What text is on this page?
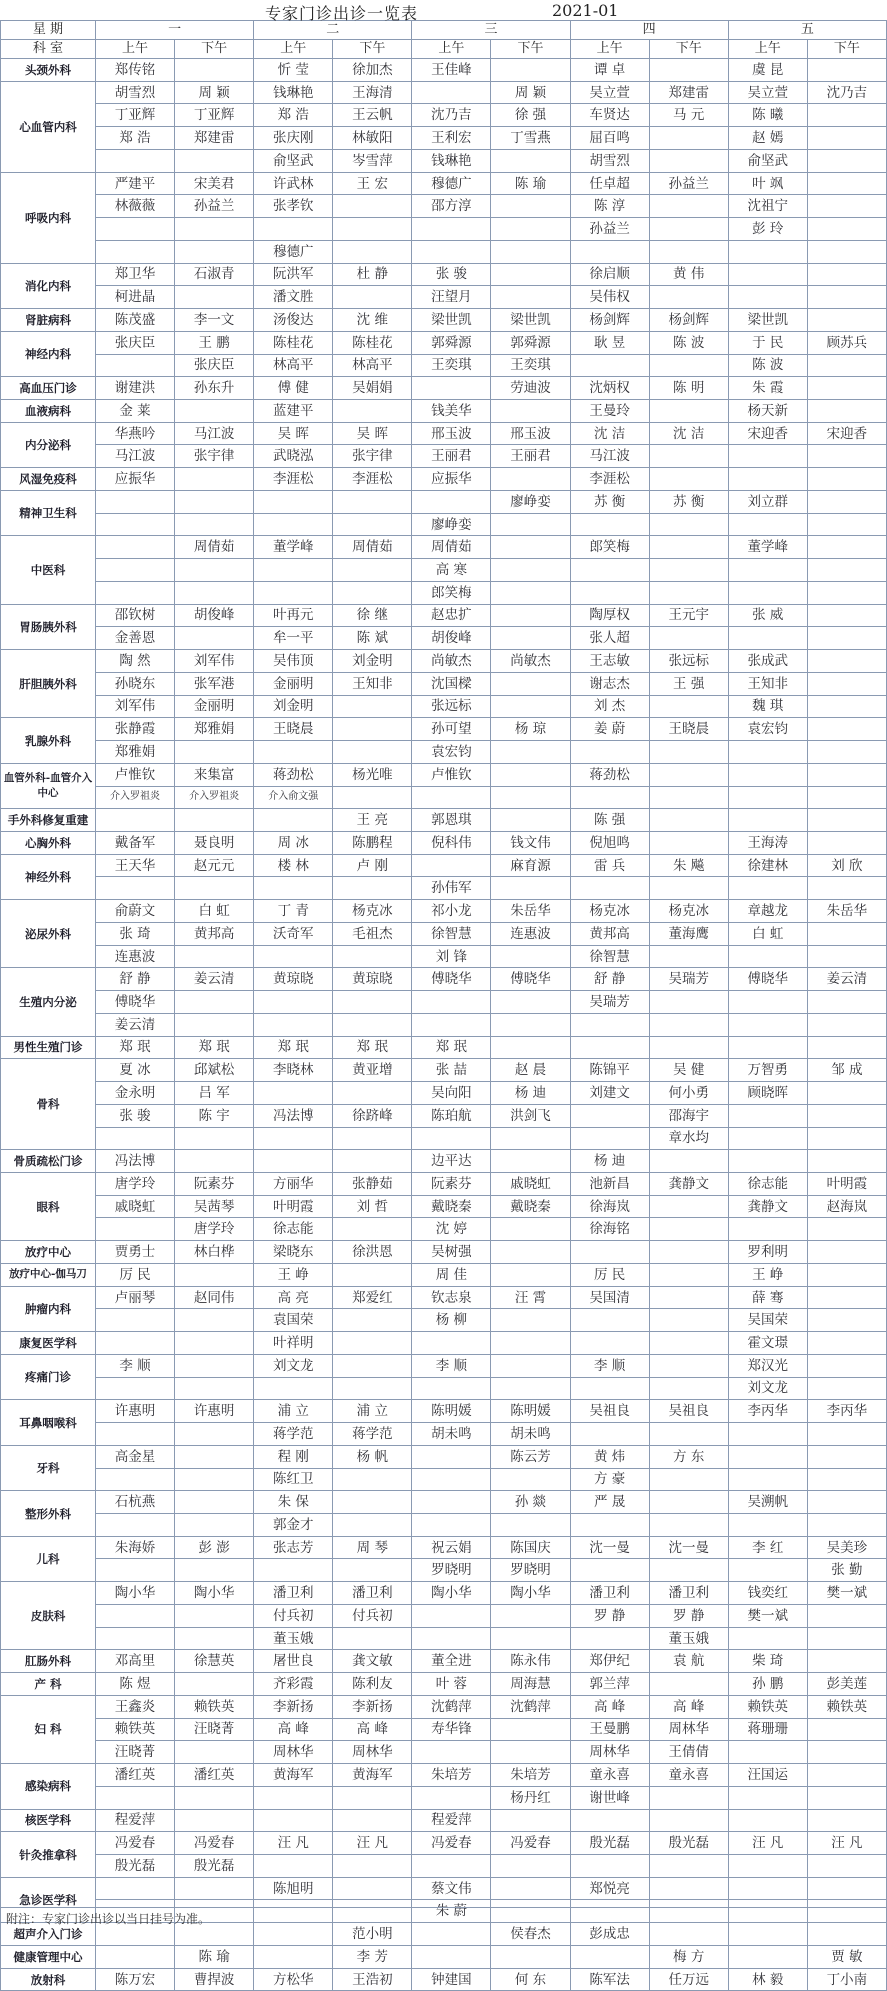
专家门诊出诊一览表	2021-01
星 期	一		二		三		四		五	
科 室	上午	下午	上午	下午	上午	下午	上午	下午	上午	下午
头颈外科	郑传铭		忻 莹	徐加杰	王佳峰		谭 卓		虞 昆	
心血管内科	胡雪烈	周 颖	钱琳艳	王海清		周 颖	吴立萱	郑建雷	吴立萱	沈乃吉
	丁亚辉	丁亚辉	郑 浩	王云帆	沈乃吉	徐 强	车贤达	马 元	陈 曦	
	郑 浩	郑建雷	张庆刚	林敏阳	王利宏	丁雪燕	屈百鸣		赵 嫣	
			俞坚武	岑雪萍	钱琳艳		胡雪烈		俞坚武	
呼吸内科	严建平	宋美君	许武林	王 宏	穆德广	陈 瑜	任卓超	孙益兰	叶 飒	
	林薇薇	孙益兰	张孝钦		邵方淳		陈 淳		沈祖宁	
							孙益兰		彭 玲	
			穆德广							
消化内科	郑卫华	石淑青	阮洪军	杜 静	张 骏		徐启顺	黄 伟		
	柯进晶		潘文胜		汪望月		吴伟权			
肾脏病科	陈茂盛	李一文	汤俊达	沈 维	梁世凯	梁世凯	杨剑辉	杨剑辉	梁世凯	
神经内科	张庆臣	王 鹏	陈桂花	陈桂花	郭舜源	郭舜源	耿 昱	陈 波	于 民	顾苏兵
		张庆臣	林高平	林高平	王奕琪	王奕琪			陈 波	
高血压门诊	谢建洪	孙东升	傅 健	吴娟娟		劳迪波	沈炳权	陈 明	朱 霞	
血液病科	金 莱		蓝建平		钱美华		王曼玲		杨天新	
内分泌科	华燕吟	马江波	吴 晖	吴 晖	邢玉波	邢玉波	沈 洁	沈 洁	宋迎香	宋迎香
	马江波	张宇律	武晓泓	张宇律	王丽君	王丽君	马江波			
风湿免疫科	应振华		李涯松	李涯松	应振华		李涯松			
精神卫生科						廖峥娈	苏 衡	苏 衡	刘立群	
					廖峥娈					
中医科		周倩茹	董学峰	周倩茹	周倩茹		郎笑梅		董学峰	
					高 寒					
					郎笑梅					
胃肠胰外科	邵钦树	胡俊峰	叶再元	徐 继	赵忠扩		陶厚权	王元宇	张 威	
	金善恩		牟一平	陈 斌	胡俊峰		张人超			
肝胆胰外科	陶 然	刘军伟	吴伟顶	刘金明	尚敏杰	尚敏杰	王志敏	张远标	张成武	
	孙晓东	张军港	金丽明	王知非	沈国樑		谢志杰	王 强	王知非	
	刘军伟	金丽明	刘金明		张远标		刘 杰		魏 琪	
乳腺外科	张静霞	郑雅娟	王晓晨		孙可望	杨 琼	姜 蔚	王晓晨	袁宏钧	
	郑雅娟				袁宏钧					
血管外科-血管介入中心	卢惟钦	来集富	蒋劲松	杨光唯	卢惟钦		蒋劲松			
	介入罗祖炎	介入罗祖炎	介入俞文强							
手外科修复重建				王 亮	郭恩琪		陈 强			
心胸外科	戴备军	聂良明	周 冰	陈鹏程	倪科伟	钱文伟	倪旭鸣		王海涛	
神经外科	王天华	赵元元	楼 林	卢 刚		麻育源	雷 兵	朱 飚	徐建林	刘 欣
					孙伟军					
泌尿外科	俞蔚文	白 虹	丁 青	杨克冰	祁小龙	朱岳华	杨克冰	杨克冰	章越龙	朱岳华
	张 琦	黄邦高	沃奇军	毛祖杰	徐智慧	连惠波	黄邦高	董海鹰	白 虹	
	连惠波				刘 锋		徐智慧			
生殖内分泌	舒 静	姜云清	黄琼晓	黄琼晓	傅晓华	傅晓华	舒 静	吴瑞芳	傅晓华	姜云清
	傅晓华						吴瑞芳			
	姜云清									
男性生殖门诊	郑 珉	郑 珉	郑 珉	郑 珉	郑 珉					
骨科	夏 冰	邱斌松	李晓林	黄亚增	张 喆	赵 晨	陈锦平	吴 健	万智勇	邹 成
	金永明	吕 军			吴向阳	杨 迪	刘建文	何小勇	顾晓晖	
	张 骏	陈 宇	冯法博	徐跻峰	陈珀航	洪剑飞		邵海宇		
								章水均		
骨质疏松门诊	冯法博				边平达		杨 迪			
眼科	唐学玲	阮素芬	方丽华	张静茹	阮素芬	戚晓虹	池新昌	龚静文	徐志能	叶明霞
	戚晓虹	吴茜琴	叶明霞	刘 哲	戴晓秦	戴晓秦	徐海岚		龚静文	赵海岚
		唐学玲	徐志能		沈 婷		徐海铭			
放疗中心	贾勇士	林白桦	梁晓东	徐洪恩	吴树强				罗利明	
放疗中心-伽马刀	厉 民		王 峥		周 佳		厉 民		王 峥	
肿瘤内科	卢丽琴	赵同伟	高 亮	郑爱红	钦志泉	汪 霄	吴国清		薛 骞	
			袁国荣		杨 柳				吴国荣	
康复医学科			叶祥明						霍文璟	
疼痛门诊	李 顺		刘文龙		李 顺		李 顺		郑汉光	
									刘文龙	
耳鼻咽喉科	许惠明	许惠明	浦 立	浦 立	陈明媛	陈明媛	吴祖良	吴祖良	李丙华	李丙华
			蒋学范	蒋学范	胡未鸣	胡未鸣				
牙科	高金星		程 刚	杨 帆		陈云芳	黄 炜	方 东		
			陈红卫				方 豪			
整形外科	石杭燕		朱 保			孙 燚	严 晟		吴溯帆	
			郭金才							
儿科	朱海娇	彭 澎	张志芳	周 琴	祝云娟	陈国庆	沈一曼	沈一曼	李 红	吴美珍
					罗晓明	罗晓明				张 勤
皮肤科	陶小华	陶小华	潘卫利	潘卫利	陶小华	陶小华	潘卫利	潘卫利	钱奕红	樊一斌
			付兵初	付兵初			罗 静	罗 静	樊一斌	
			董玉娥					董玉娥		
肛肠外科	邓高里	徐慧英	屠世良	龚文敏	董全进	陈永伟	郑伊纪	袁 航	柴 琦	
产 科	陈 煜		齐彩霞	陈利友	叶 蓉	周海慧	郭兰萍		孙 鹏	彭美莲
妇 科	王鑫炎	赖铁英	李新扬	李新扬	沈鹤萍	沈鹤萍	高 峰	高 峰	赖铁英	赖铁英
	赖铁英	汪晓菁	高 峰	高 峰	寿华锋		王曼鹏	周林华	蒋珊珊	
	汪晓菁		周林华	周林华			周林华	王倩倩		
感染病科	潘红英	潘红英	黄海军	黄海军	朱培芳	朱培芳	童永喜	童永喜	汪国运	
						杨丹红	谢世峰			
核医学科	程爱萍				程爱萍					
针灸推拿科	冯爱春	冯爱春	汪 凡	汪 凡	冯爱春	冯爱春	殷光磊	殷光磊	汪 凡	汪 凡
	殷光磊	殷光磊								
急诊医学科			陈旭明		蔡文伟		郑悦亮			
					朱 蔚					
超声介入门诊				范小明		侯春杰	彭成忠			
健康管理中心		陈 瑜		李 芳				梅 方		贾 敏
放射科	陈万宏	曹捍波	方松华	王浩初	钟建国	何 东	陈军法	任万远	林 毅	丁小南
附注：专家门诊出诊以当日挂号为准。
